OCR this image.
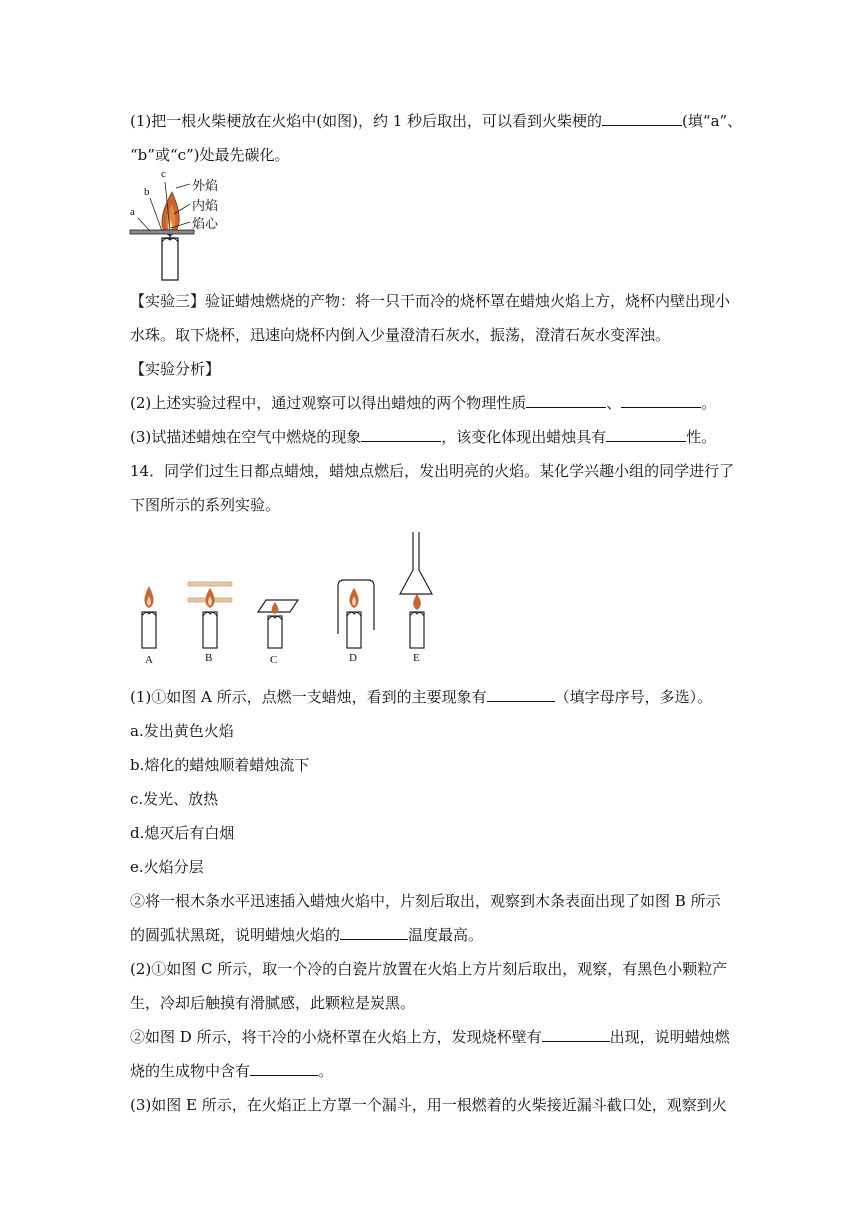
(1)把一根火柴梗放在火焰中(如图)，约 1 秒后取出，可以看到火柴梗的	(填“a”、
“b”或“c”)处最先碳化。
c
b
a
外焰
内焰
焰心
【实验三】验证蜡烛燃烧的产物：将一只干而冷的烧杯罩在蜡烛火焰上方，烧杯内壁出现小
水珠。取下烧杯，迅速向烧杯内倒入少量澄清石灰水，振荡，澄清石灰水变浑浊。
【实验分析】
(2)上述实验过程中，通过观察可以得出蜡烛的两个物理性质	、	。
(3)试描述蜡烛在空气中燃烧的现象	，该变化体现出蜡烛具有	性。
14．同学们过生日都点蜡烛，蜡烛点燃后，发出明亮的火焰。某化学兴趣小组的同学进行了
下图所示的系列实验。
A	B	C	D	E
(1)①如图 A 所示，点燃一支蜡烛，看到的主要现象有	（填字母序号，多选）。
a.发出黄色火焰
b.熔化的蜡烛顺着蜡烛流下
c.发光、放热
d.熄灭后有白烟
e.火焰分层
②将一根木条水平迅速插入蜡烛火焰中，片刻后取出，观察到木条表面出现了如图 B 所示
的圆弧状黑斑，说明蜡烛火焰的	温度最高。
(2)①如图 C 所示，取一个冷的白瓷片放置在火焰上方片刻后取出，观察，有黑色小颗粒产
生，冷却后触摸有滑腻感，此颗粒是炭黑。
②如图 D 所示，将干冷的小烧杯罩在火焰上方，发现烧杯壁有	出现，说明蜡烛燃
烧的生成物中含有	。
(3)如图 E 所示，在火焰正上方罩一个漏斗，用一根燃着的火柴接近漏斗截口处，观察到火
